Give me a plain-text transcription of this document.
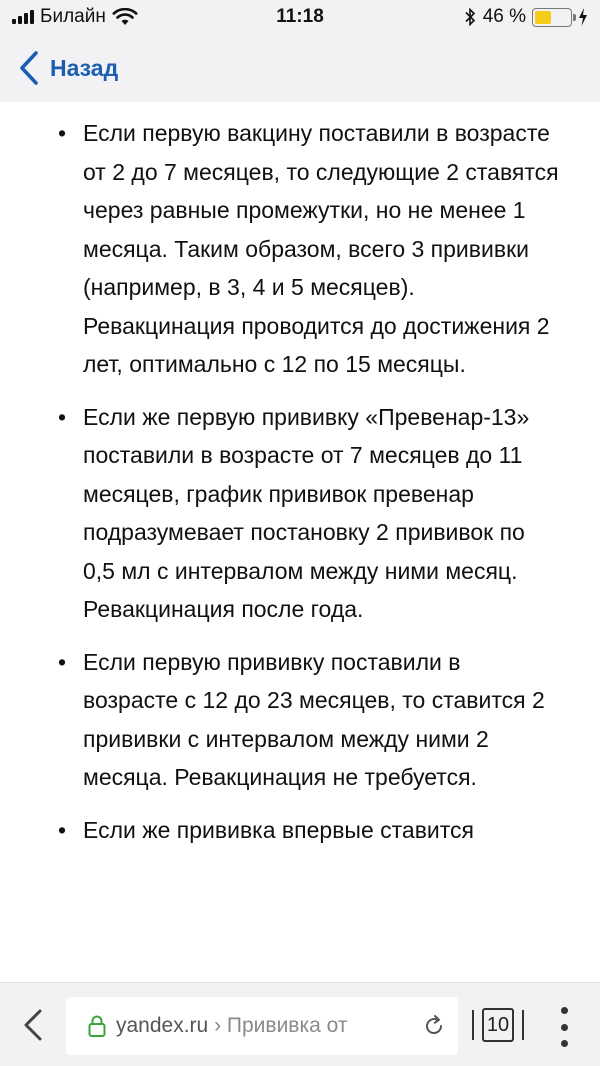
Билайн	11:18	46 %
Назад
• Если первую вакцину поставили в возрасте от 2 до 7 месяцев, то следующие 2 ставятся через равные промежутки, но не менее 1 месяца. Таким образом, всего 3 прививки (например, в 3, 4 и 5 месяцев). Ревакцинация проводится до достижения 2 лет, оптимально с 12 по 15 месяцы.
• Если же первую прививку «Превенар-13» поставили в возрасте от 7 месяцев до 11 месяцев, график прививок превенар подразумевает постановку 2 прививок по 0,5 мл с интервалом между ними месяц. Ревакцинация после года.
• Если первую прививку поставили в возрасте с 12 до 23 месяцев, то ставится 2 прививки с интервалом между ними 2 месяца. Ревакцинация не требуется.
• Если же прививка впервые ставится
yandex.ru › Прививка от	10
